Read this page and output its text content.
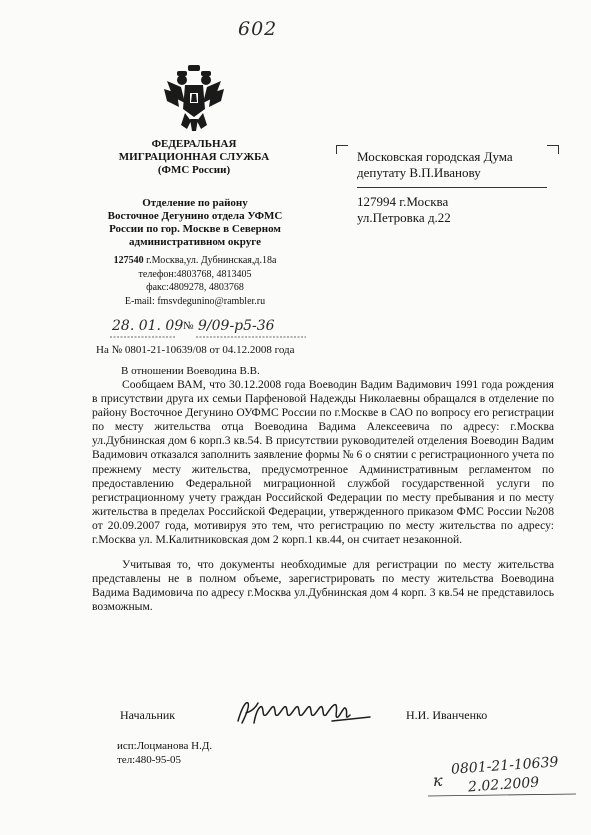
602
ФЕДЕРАЛЬНАЯ
МИГРАЦИОННАЯ СЛУЖБА
(ФМС России)
Отделение по району
Восточное Дегунино отдела УФМС
России по гор. Москве в Северном
административном округе
127540 г.Москва,ул. Дубнинская,д.18а
телефон:4803768, 4813405
факс:4809278, 4803768
E-mail: fmsvdegunino@rambler.ru
28. 01. 09 № 9/09-р5-36
На № 0801-21-10639/08 от 04.12.2008 года
Московская городская Дума
депутату В.П.Иванову
127994 г.Москва
ул.Петровка д.22
В отношении Воеводина В.В.

Сообщаем ВАМ, что 30.12.2008 года Воеводин Вадим Вадимович 1991 года рождения в присутствии друга их семьи Парфеновой Надежды Николаевны обращался в отделение по району Восточное Дегунино ОУФМС России по г.Москве в САО по вопросу его регистрации по месту жительства отца Воеводина Вадима Алексеевича по адресу: г.Москва ул.Дубнинская дом 6 корп.3 кв.54. В присутствии руководителей отделения Воеводин Вадим Вадимович отказался заполнить заявление формы № 6 о снятии с регистрационного учета по прежнему месту жительства, предусмотренное Административным регламентом по предоставлению Федеральной миграционной службой государственной услуги по регистрационному учету граждан Российской Федерации по месту пребывания и по месту жительства в пределах Российской Федерации, утвержденного приказом ФМС России №208 от 20.09.2007 года, мотивируя это тем, что регистрацию по месту жительства по адресу: г.Москва ул. М.Калитниковская дом 2 корп.1 кв.44, он считает незаконной.

Учитывая то, что документы необходимые для регистрации по месту жительства представлены не в полном объеме, зарегистрировать по месту жительства Воеводина Вадима Вадимовича по адресу г.Москва ул.Дубнинская дом 4 корп. 3 кв.54 не представилось возможным.

Начальник	Н.И. Иванченко
исп:Лоцманова Н.Д.
тел:480-95-05
к
0801-21-10639
2.02.2009
